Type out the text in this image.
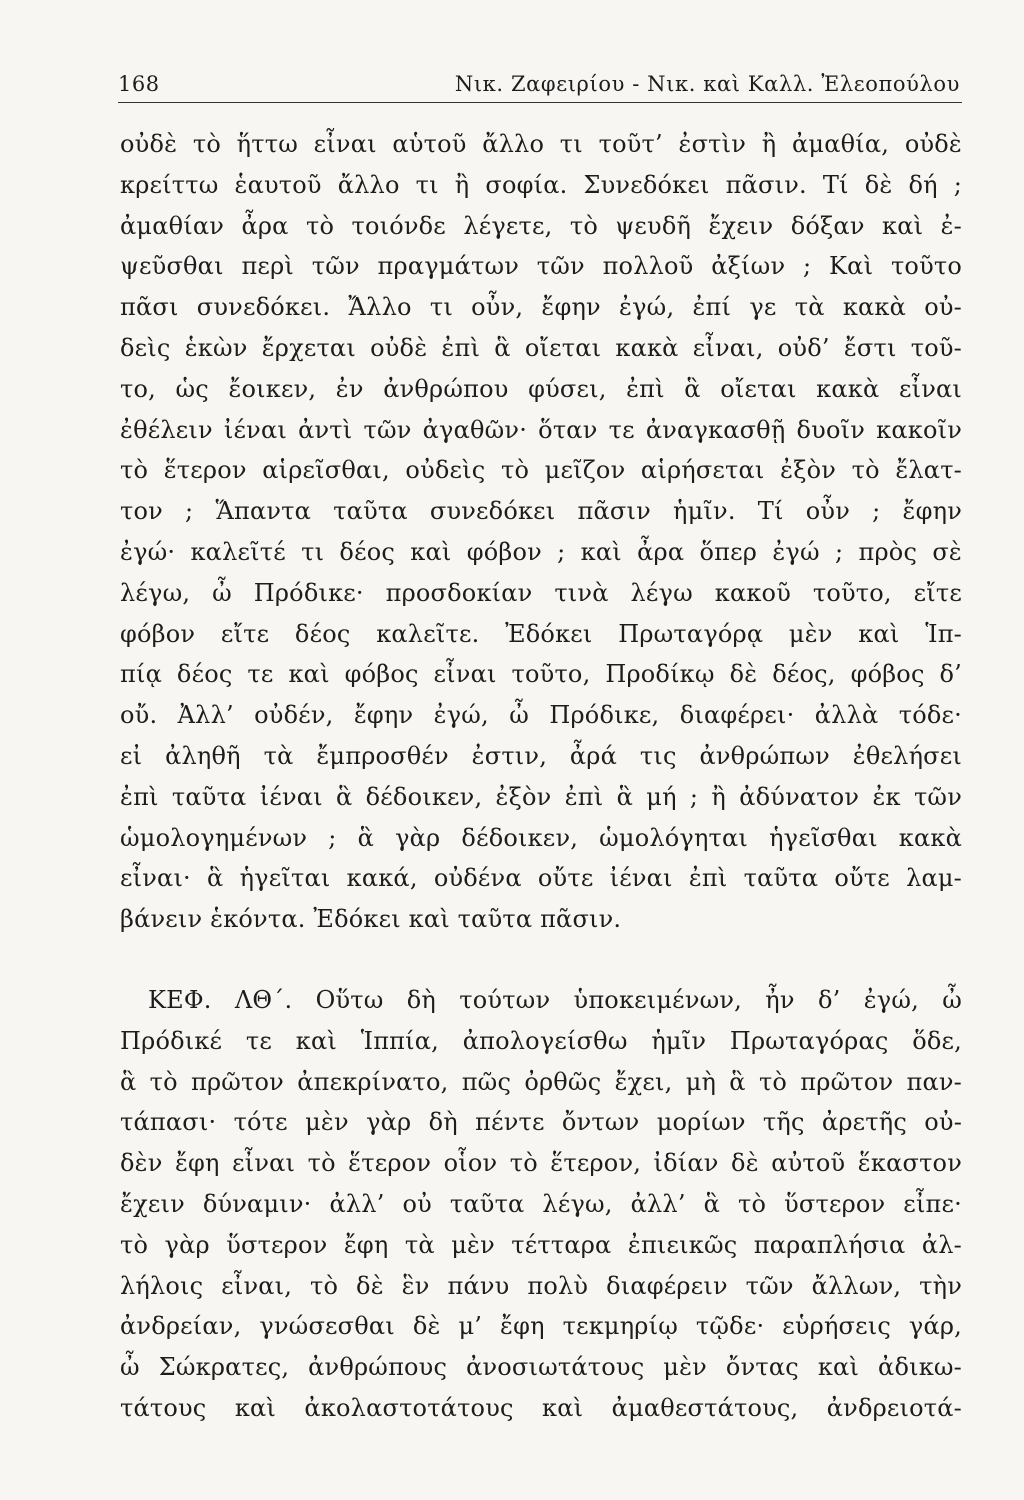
168	Νικ. Ζαφειρίου - Νικ. καὶ Καλλ. Ἐλεοπούλου
οὐδὲ τὸ ἥττω εἶναι αὑτοῦ ἄλλο τι τοῦτ’ ἐστὶν ἢ ἀμαθία, οὐδὲ
κρείττω ἑαυτοῦ ἄλλο τι ἢ σοφία. Συνεδόκει πᾶσιν. Τί δὲ δή ;
ἀμαθίαν ἆρα τὸ τοιόνδε λέγετε, τὸ ψευδῆ ἔχειν δόξαν καὶ ἐ-
ψεῦσθαι περὶ τῶν πραγμάτων τῶν πολλοῦ ἀξίων ; Καὶ τοῦτο
πᾶσι συνεδόκει. Ἄλλο τι οὖν, ἔφην ἐγώ, ἐπί γε τὰ κακὰ οὐ-
δεὶς ἑκὼν ἔρχεται οὐδὲ ἐπὶ ἃ οἴεται κακὰ εἶναι, οὐδ’ ἔστι τοῦ-
το, ὡς ἔοικεν, ἐν ἀνθρώπου φύσει, ἐπὶ ἃ οἴεται κακὰ εἶναι
ἐθέλειν ἰέναι ἀντὶ τῶν ἀγαθῶν· ὅταν τε ἀναγκασθῇ δυοῖν κακοῖν
τὸ ἕτερον αἱρεῖσθαι, οὐδεὶς τὸ μεῖζον αἱρήσεται ἐξὸν τὸ ἔλατ-
τον ; Ἅπαντα ταῦτα συνεδόκει πᾶσιν ἡμῖν. Τί οὖν ; ἔφην
ἐγώ· καλεῖτέ τι δέος καὶ φόβον ; καὶ ἆρα ὅπερ ἐγώ ; πρὸς σὲ
λέγω, ὦ Πρόδικε· προσδοκίαν τινὰ λέγω κακοῦ τοῦτο, εἴτε
φόβον εἴτε δέος καλεῖτε. Ἐδόκει Πρωταγόρᾳ μὲν καὶ Ἱπ-
πίᾳ δέος τε καὶ φόβος εἶναι τοῦτο, Προδίκῳ δὲ δέος, φόβος δ’
οὔ. Ἀλλ’ οὐδέν, ἔφην ἐγώ, ὦ Πρόδικε, διαφέρει· ἀλλὰ τόδε·
εἰ ἀληθῆ τὰ ἔμπροσθέν ἐστιν, ἆρά τις ἀνθρώπων ἐθελήσει
ἐπὶ ταῦτα ἰέναι ἃ δέδοικεν, ἐξὸν ἐπὶ ἃ μή ; ἢ ἀδύνατον ἐκ τῶν
ὡμολογημένων ; ἃ γὰρ δέδοικεν, ὡμολόγηται ἡγεῖσθαι κακὰ
εἶναι· ἃ ἡγεῖται κακά, οὐδένα οὔτε ἰέναι ἐπὶ ταῦτα οὔτε λαμ-
βάνειν ἑκόντα. Ἐδόκει καὶ ταῦτα πᾶσιν.
ΚΕΦ. ΛΘ΄. Οὕτω δὴ τούτων ὑποκειμένων, ἦν δ’ ἐγώ, ὦ
Πρόδικέ τε καὶ Ἱππία, ἀπολογείσθω ἡμῖν Πρωταγόρας ὅδε,
ἃ τὸ πρῶτον ἀπεκρίνατο, πῶς ὀρθῶς ἔχει, μὴ ἃ τὸ πρῶτον παν-
τάπασι· τότε μὲν γὰρ δὴ πέντε ὄντων μορίων τῆς ἀρετῆς οὐ-
δὲν ἔφη εἶναι τὸ ἕτερον οἷον τὸ ἕτερον, ἰδίαν δὲ αὐτοῦ ἕκαστον
ἔχειν δύναμιν· ἀλλ’ οὐ ταῦτα λέγω, ἀλλ’ ἃ τὸ ὕστερον εἶπε·
τὸ γὰρ ὕστερον ἔφη τὰ μὲν τέτταρα ἐπιεικῶς παραπλήσια ἀλ-
λήλοις εἶναι, τὸ δὲ ἓν πάνυ πολὺ διαφέρειν τῶν ἄλλων, τὴν
ἀνδρείαν, γνώσεσθαι δὲ μ’ ἔφη τεκμηρίῳ τῷδε· εὑρήσεις γάρ,
ὦ Σώκρατες, ἀνθρώπους ἀνοσιωτάτους μὲν ὄντας καὶ ἀδικω-
τάτους καὶ ἀκολαστοτάτους καὶ ἀμαθεστάτους, ἀνδρειοτά-
